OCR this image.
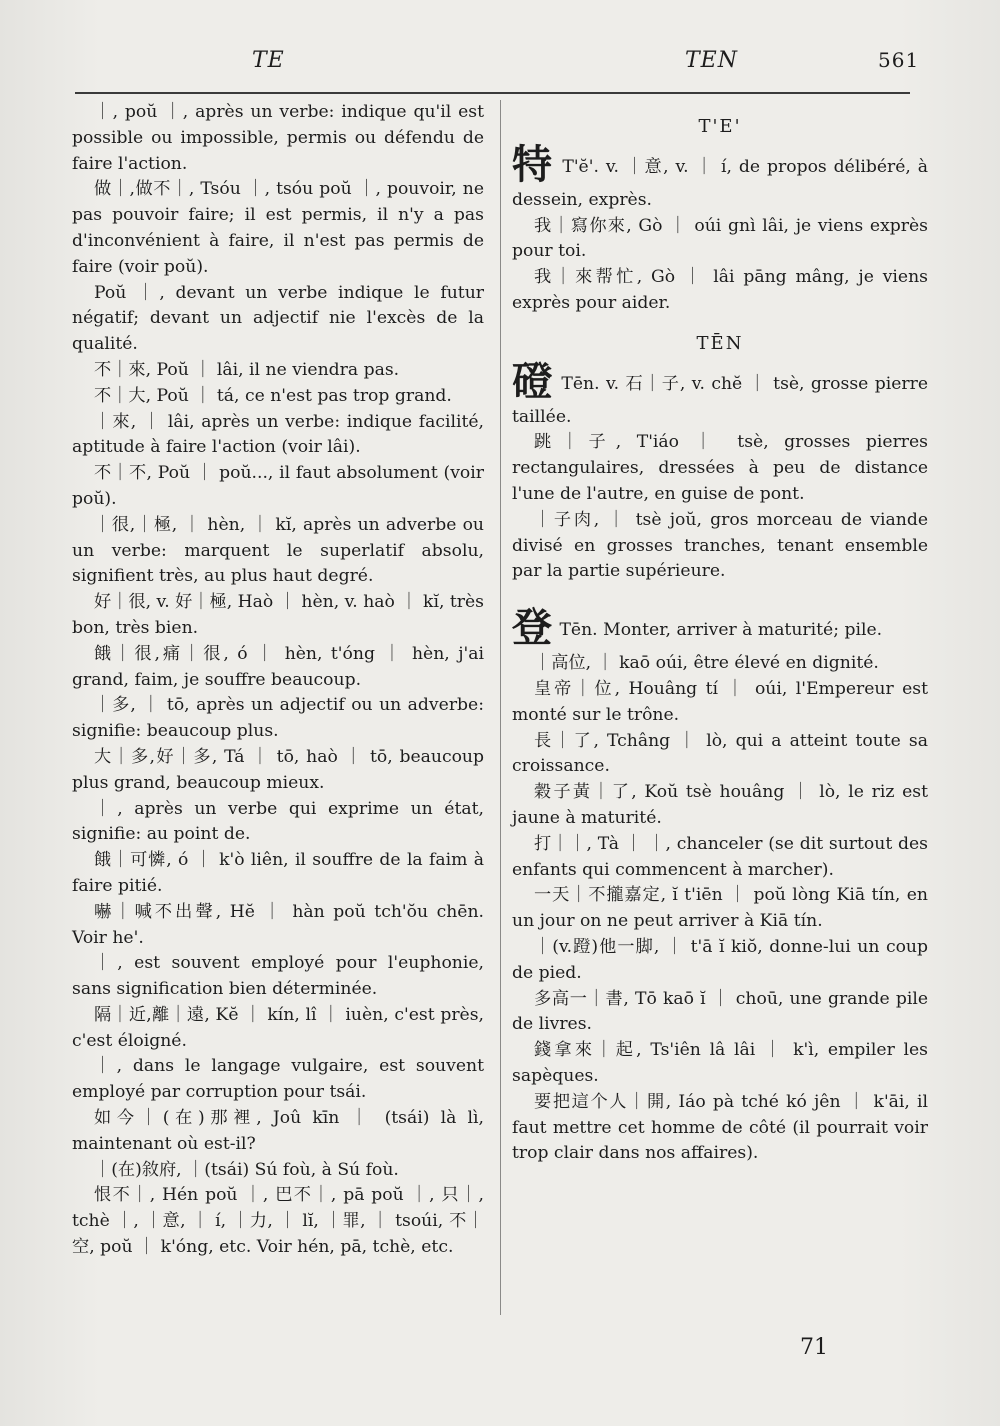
TE	TEN	561

｜, poŭ ｜, après un verbe: indique qu'il est possible ou impossible, permis ou défendu de faire l'action.

做｜,做不｜, Tsóu ｜, tsóu poŭ ｜, pouvoir, ne pas pouvoir faire; il est permis, il n'y a pas d'inconvénient à faire, il n'est pas permis de faire (voir poŭ).

Poŭ ｜, devant un verbe indique le futur négatif; devant un adjectif nie l'excès de la qualité.

不｜來, Poŭ ｜ lâi, il ne viendra pas.

不｜大, Poŭ ｜ tá, ce n'est pas trop grand.

｜來, ｜ lâi, après un verbe: indique facilité, aptitude à faire l'action (voir lâi).

不｜不, Poŭ ｜ poŭ..., il faut absolument (voir poŭ).

｜很,｜極, ｜ hèn, ｜ kĭ, après un adverbe ou un verbe: marquent le superlatif absolu, signifient très, au plus haut degré.

好｜很, v. 好｜極, Haò ｜ hèn, v. haò ｜ kĭ, très bon, très bien.

餓｜很,痛｜很, ó ｜ hèn, t'óng ｜ hèn, j'ai grand, faim, je souffre beaucoup.

｜多, ｜ tō, après un adjectif ou un adverbe: signifie: beaucoup plus.

大｜多,好｜多, Tá ｜ tō, haò ｜ tō, beaucoup plus grand, beaucoup mieux.

｜, après un verbe qui exprime un état, signifie: au point de.

餓｜可憐, ó ｜ k'ò liên, il souffre de la faim à faire pitié.

嚇｜喊不出聲, Hĕ ｜ hàn poŭ tch'ŏu chēn. Voir he'.

｜, est souvent employé pour l'euphonie, sans signification bien déterminée.

隔｜近,離｜遠, Kĕ ｜ kín, lî ｜ iuèn, c'est près, c'est éloigné.

｜, dans le langage vulgaire, est souvent employé par corruption pour tsái.

如今｜(在)那裡, Joû kīn ｜ (tsái) là lì, maintenant où est-il?

｜(在)敘府, ｜(tsái) Sú foù, à Sú foù.

恨不｜, Hén poŭ ｜, 巴不｜, pā poŭ ｜, 只｜, tchè ｜, ｜意, ｜ í, ｜力, ｜ lĭ, ｜罪, ｜ tsoúi, 不｜空, poŭ ｜ k'óng, etc. Voir hén, pā, tchè, etc.

T'E'

特 T'ĕ'. v. ｜意, v. ｜ í, de propos délibéré, à dessein, exprès.

我｜寫你來, Gò ｜ oúi gnì lâi, je viens exprès pour toi.

我｜來帮忙, Gò ｜ lâi pāng mâng, je viens exprès pour aider.

TĒN

磴 Tēn. v. 石｜子, v. chĕ ｜ tsè, grosse pierre taillée.

跳｜子, T'iáo ｜ tsè, grosses pierres rectangulaires, dressées à peu de distance l'une de l'autre, en guise de pont.

｜子肉, ｜ tsè joŭ, gros morceau de viande divisé en grosses tranches, tenant ensemble par la partie supérieure.

登 Tēn. Monter, arriver à maturité; pile.

｜高位, ｜ kaō oúi, être élevé en dignité.

皇帝｜位, Houâng tí ｜ oúi, l'Empereur est monté sur le trône.

長｜了, Tchâng ｜ lò, qui a atteint toute sa croissance.

穀子黃｜了, Koŭ tsè houâng ｜ lò, le riz est jaune à maturité.

打｜｜, Tà ｜ ｜, chanceler (se dit surtout des enfants qui commencent à marcher).

一天｜不攏嘉定, ĭ t'iēn ｜ poŭ lòng Kiā tín, en un jour on ne peut arriver à Kiā tín.

｜(v.蹬)他一脚, ｜ t'ā ĭ kiŏ, donne-lui un coup de pied.

多高一｜書, Tō kaō ĭ ｜ choū, une grande pile de livres.

錢拿來｜起, Ts'iên lâ lâi ｜ k'ì, empiler les sapèques.

要把這个人｜開, Iáo pà tché kó jên ｜ k'āi, il faut mettre cet homme de côté (il pourrait voir trop clair dans nos affaires).

71
